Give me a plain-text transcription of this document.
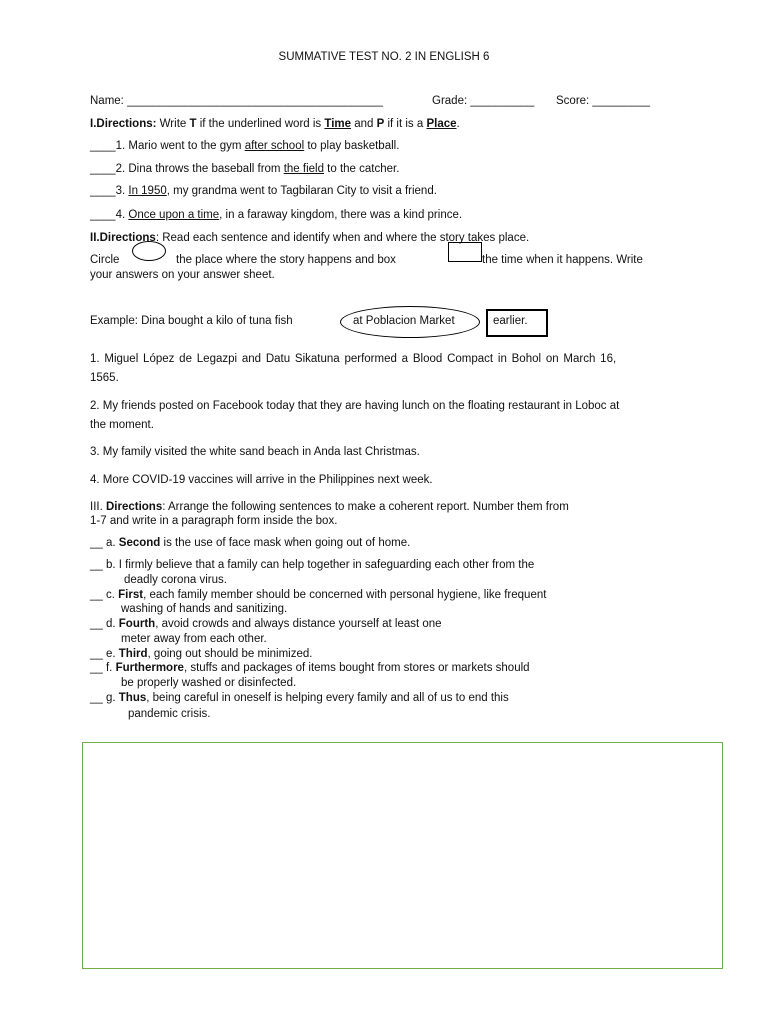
SUMMATIVE TEST NO. 2 IN ENGLISH 6
Name: ________________________________________	Grade: __________ Score: _________
I.Directions: Write T if the underlined word is Time and P if it is a Place.
____1. Mario went to the gym after school to play basketball.
____2. Dina throws the baseball from the field to the catcher.
____3. In 1950, my grandma went to Tagbilaran City to visit a friend.
____4. Once upon a time, in a faraway kingdom, there was a kind prince.
II.Directions: Read each sentence and identify when and where the story takes place.
Circle	the place where the story happens and box	the time when it happens. Write
your answers on your answer sheet.
Example: Dina bought a kilo of tuna fish	at Poblacion Market	earlier.
1. Miguel López de Legazpi and Datu Sikatuna performed a Blood Compact in Bohol on March 16,
1565.
2. My friends posted on Facebook today that they are having lunch on the floating restaurant in Loboc at
the moment.
3. My family visited the white sand beach in Anda last Christmas.
4. More COVID-19 vaccines will arrive in the Philippines next week.
III. Directions: Arrange the following sentences to make a coherent report. Number them from
1-7 and write in a paragraph form inside the box.
__ a. Second is the use of face mask when going out of home.
__ b. I firmly believe that a family can help together in safeguarding each other from the
deadly corona virus.
__ c. First, each family member should be concerned with personal hygiene, like frequent
washing of hands and sanitizing.
__ d. Fourth, avoid crowds and always distance yourself at least one
meter away from each other.
__ e. Third, going out should be minimized.
__ f. Furthermore, stuffs and packages of items bought from stores or markets should
be properly washed or disinfected.
__ g. Thus, being careful in oneself is helping every family and all of us to end this
pandemic crisis.
